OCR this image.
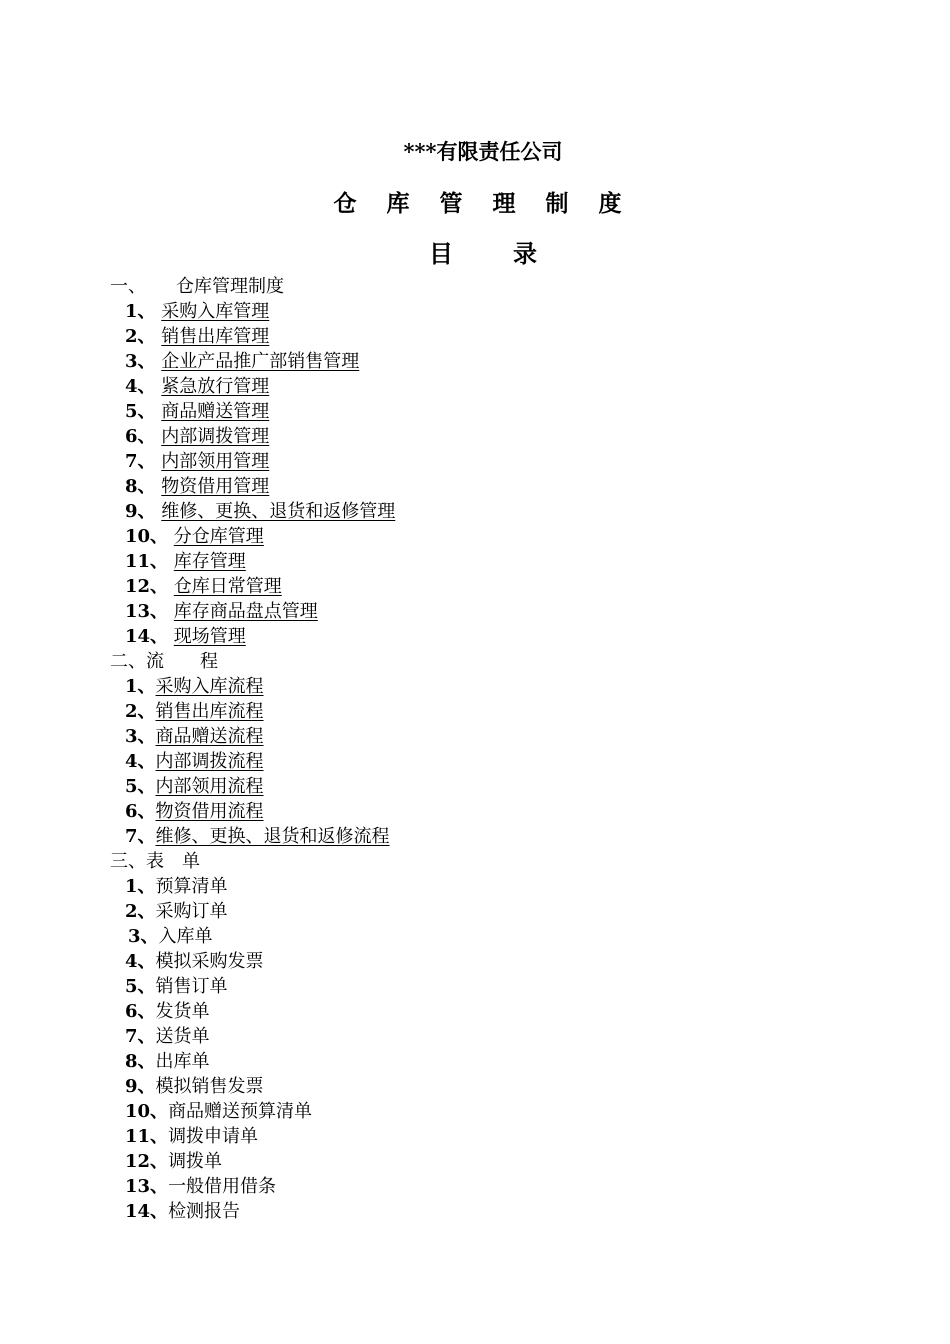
***有限责任公司
仓 库 管 理 制 度
目	录
一、 仓库管理制度
1、 采购入库管理
2、 销售出库管理
3、 企业产品推广部销售管理
4、 紧急放行管理
5、 商品赠送管理
6、 内部调拨管理
7、 内部领用管理
8、 物资借用管理
9、 维修、更换、退货和返修管理
10、 分仓库管理
11、 库存管理
12、 仓库日常管理
13、 库存商品盘点管理
14、 现场管理
二、流　　程
1、采购入库流程
2、销售出库流程
3、商品赠送流程
4、内部调拨流程
5、内部领用流程
6、物资借用流程
7、维修、更换、退货和返修流程
三、表　单
1、预算清单
2、采购订单
3、入库单
4、模拟采购发票
5、销售订单
6、发货单
7、送货单
8、出库单
9、模拟销售发票
10、商品赠送预算清单
11、调拨申请单
12、调拨单
13、一般借用借条
14、检测报告
